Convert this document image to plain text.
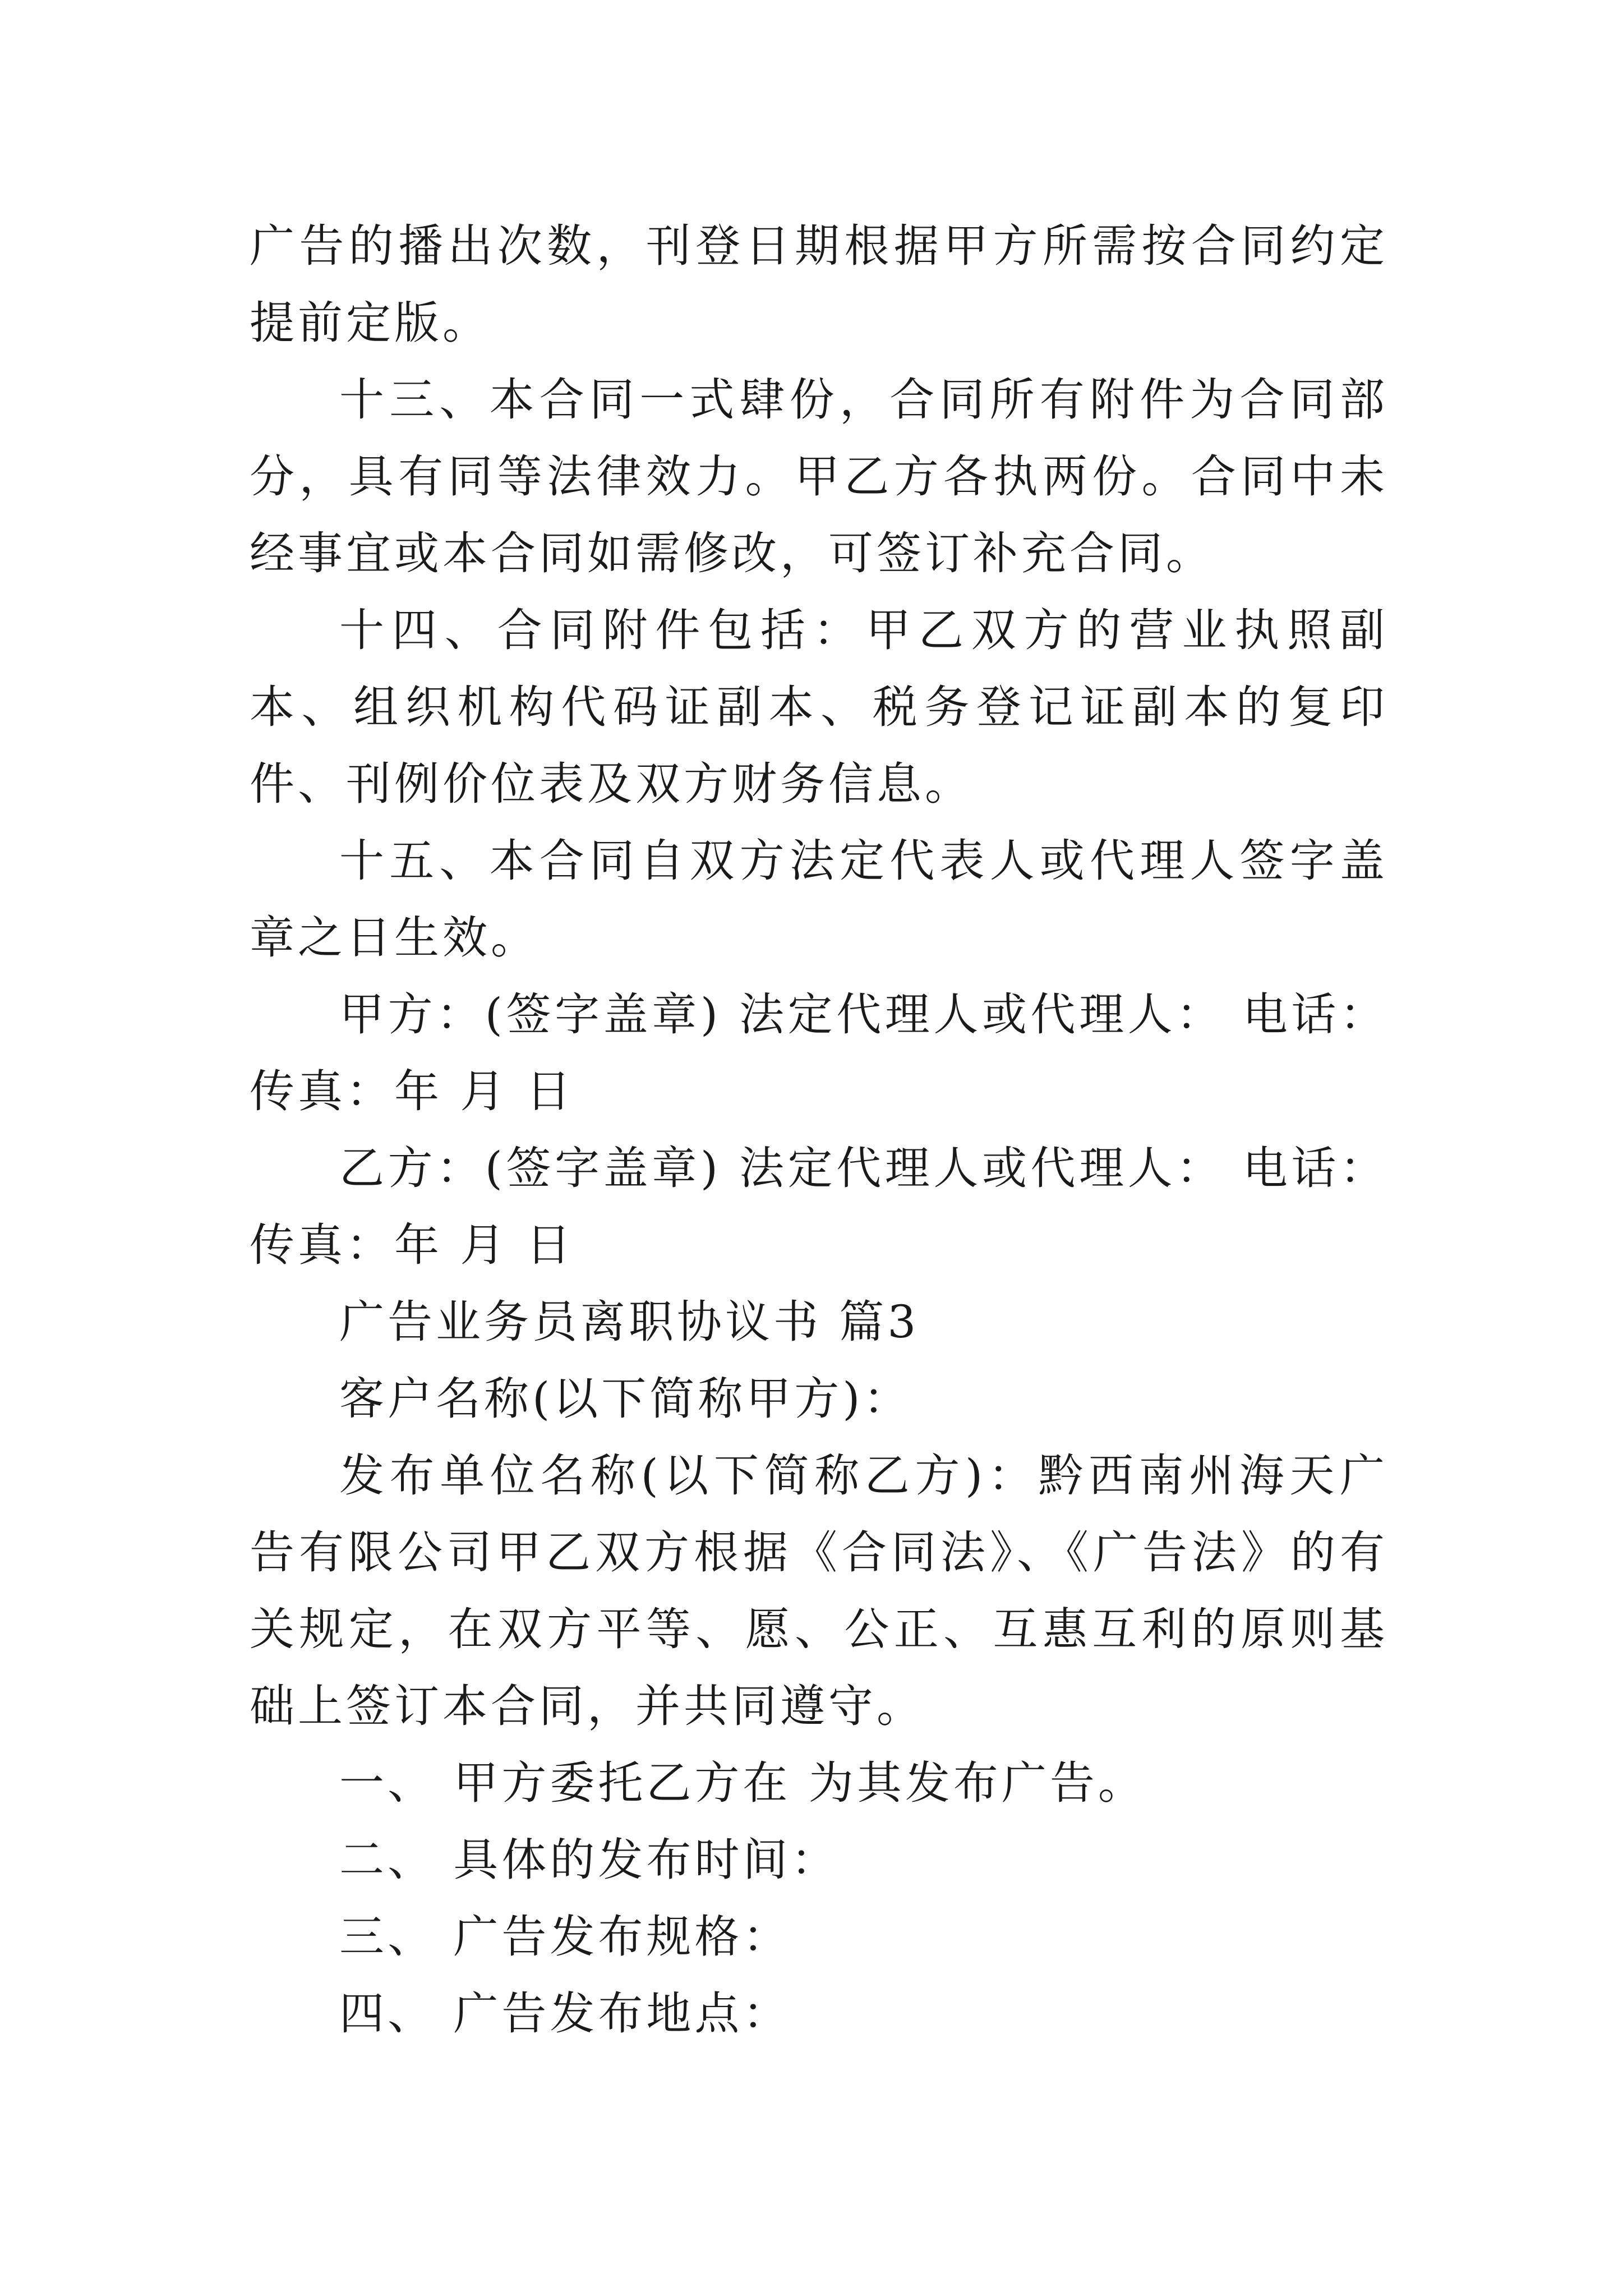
广告的播出次数，刊登日期根据甲方所需按合同约定提前定版。

十三、本合同一式肆份，合同所有附件为合同部分，具有同等法律效力。甲乙方各执两份。合同中未经事宜或本合同如需修改，可签订补充合同。

十四、合同附件包括：甲乙双方的营业执照副本、组织机构代码证副本、税务登记证副本的复印件、刊例价位表及双方财务信息。

十五、本合同自双方法定代表人或代理人签字盖章之日生效。

甲方：(签字盖章) 法定代理人或代理人： 电话： 传真：年 月 日

乙方：(签字盖章) 法定代理人或代理人： 电话： 传真：年 月 日

广告业务员离职协议书 篇3

客户名称(以下简称甲方)：

发布单位名称(以下简称乙方)：黔西南州海天广告有限公司甲乙双方根据《合同法》、《广告法》的有关规定，在双方平等、愿、公正、互惠互利的原则基础上签订本合同，并共同遵守。

一、 甲方委托乙方在 为其发布广告。

二、 具体的发布时间：

三、 广告发布规格：

四、 广告发布地点：
